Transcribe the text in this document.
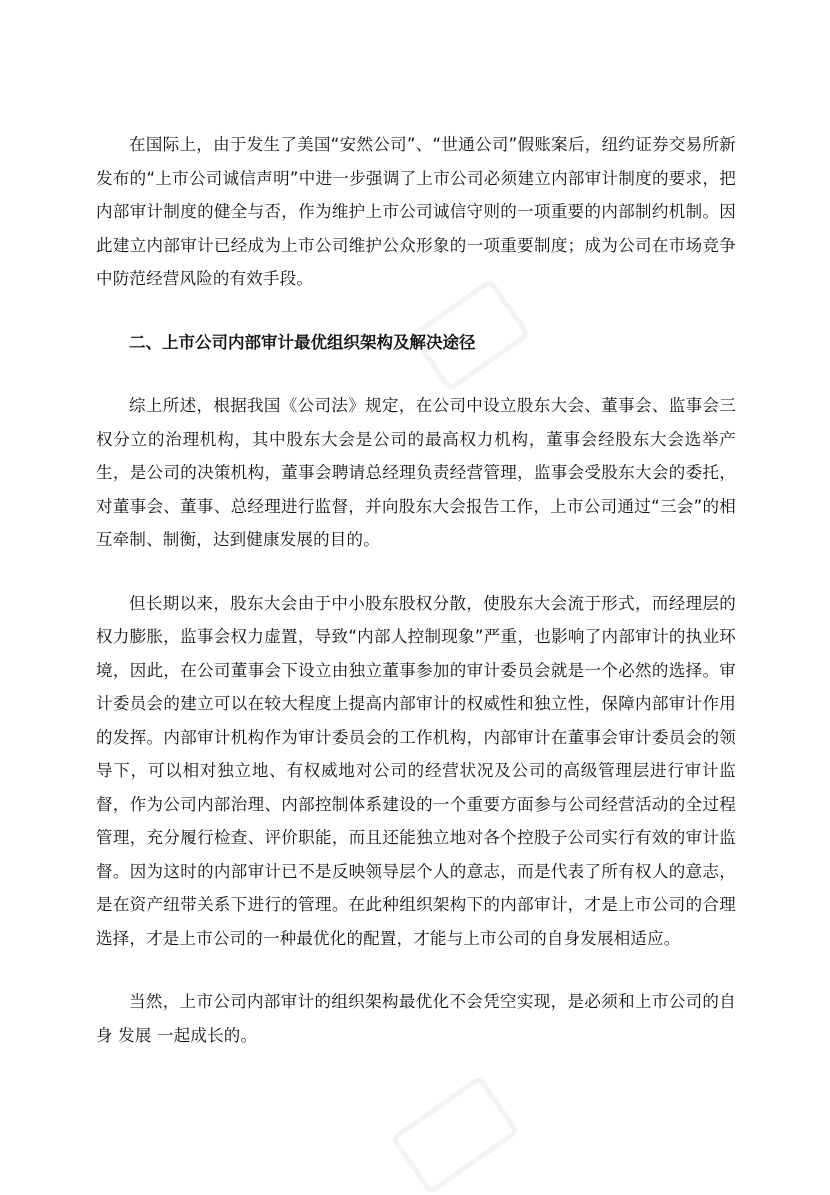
在国际上，由于发生了美国“安然公司”、“世通公司”假账案后，纽约证券交易所新发布的“上市公司诚信声明”中进一步强调了上市公司必须建立内部审计制度的要求，把内部审计制度的健全与否，作为维护上市公司诚信守则的一项重要的内部制约机制。因此建立内部审计已经成为上市公司维护公众形象的一项重要制度；成为公司在市场竞争中防范经营风险的有效手段。

二、上市公司内部审计最优组织架构及解决途径

综上所述，根据我国《公司法》规定，在公司中设立股东大会、董事会、监事会三权分立的治理机构，其中股东大会是公司的最高权力机构，董事会经股东大会选举产生，是公司的决策机构，董事会聘请总经理负责经营管理，监事会受股东大会的委托，对董事会、董事、总经理进行监督，并向股东大会报告工作，上市公司通过“三会”的相互牵制、制衡，达到健康发展的目的。

但长期以来，股东大会由于中小股东股权分散，使股东大会流于形式，而经理层的权力膨胀，监事会权力虚置，导致“内部人控制现象”严重，也影响了内部审计的执业环境，因此，在公司董事会下设立由独立董事参加的审计委员会就是一个必然的选择。审计委员会的建立可以在较大程度上提高内部审计的权威性和独立性，保障内部审计作用的发挥。内部审计机构作为审计委员会的工作机构，内部审计在董事会审计委员会的领导下，可以相对独立地、有权威地对公司的经营状况及公司的高级管理层进行审计监督，作为公司内部治理、内部控制体系建设的一个重要方面参与公司经营活动的全过程管理，充分履行检查、评价职能，而且还能独立地对各个控股子公司实行有效的审计监督。因为这时的内部审计已不是反映领导层个人的意志，而是代表了所有权人的意志，是在资产纽带关系下进行的管理。在此种组织架构下的内部审计，才是上市公司的合理选择，才是上市公司的一种最优化的配置，才能与上市公司的自身发展相适应。

当然，上市公司内部审计的组织架构最优化不会凭空实现，是必须和上市公司的自身 发展 一起成长的。
